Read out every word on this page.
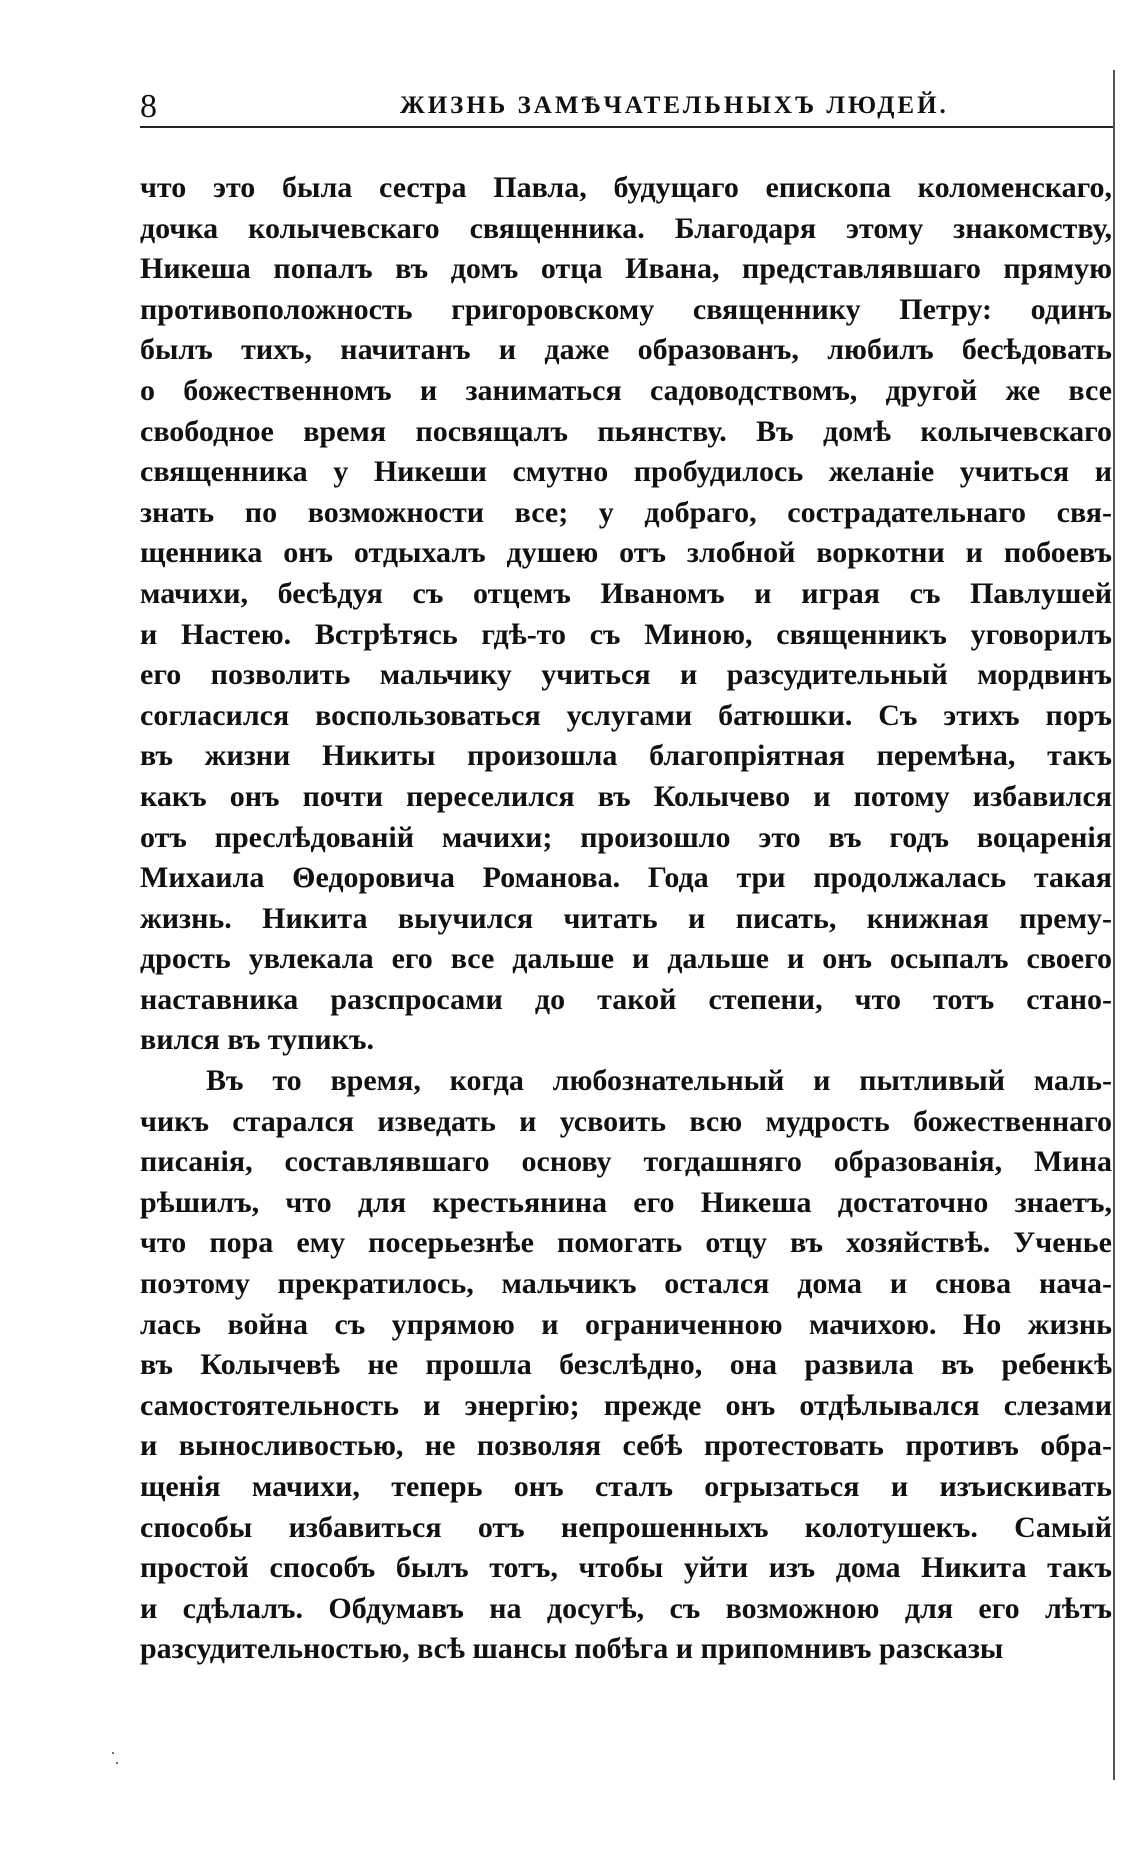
8	ЖИЗНЬ ЗАМѢЧАТЕЛЬНЫХЪ ЛЮДЕЙ.
что это была сестра Павла, будущаго епископа коломенскаго,
дочка колычевскаго священника. Благодаря этому знакомству,
Никеша попалъ въ домъ отца Ивана, представлявшаго прямую
противоположность григоровскому священнику Петру: одинъ
былъ тихъ, начитанъ и даже образованъ, любилъ бесѣдовать
о божественномъ и заниматься садоводствомъ, другой же все
свободное время посвящалъ пьянству. Въ домѣ колычевскаго
священника у Никеши смутно пробудилось желаніе учиться и
знать по возможности все; у добраго, сострадательнаго свя-
щенника онъ отдыхалъ душею отъ злобной воркотни и побоевъ
мачихи, бесѣдуя съ отцемъ Иваномъ и играя съ Павлушей
и Настею. Встрѣтясь гдѣ-то съ Миною, священникъ уговорилъ
его позволить мальчику учиться и разсудительный мордвинъ
согласился воспользоваться услугами батюшки. Съ этихъ поръ
въ жизни Никиты произошла благопріятная перемѣна, такъ
какъ онъ почти переселился въ Колычево и потому избавился
отъ преслѣдованій мачихи; произошло это въ годъ воцаренія
Михаила Θедоровича Романова. Года три продолжалась такая
жизнь. Никита выучился читать и писать, книжная прему-
дрость увлекала его все дальше и дальше и онъ осыпалъ своего
наставника разспросами до такой степени, что тотъ стано-
вился въ тупикъ.
Въ то время, когда любознательный и пытливый маль-
чикъ старался изведать и усвоить всю мудрость божественнаго
писанія, составлявшаго основу тогдашняго образованія, Мина
рѣшилъ, что для крестьянина его Никеша достаточно знаетъ,
что пора ему посерьезнѣе помогать отцу въ хозяйствѣ. Ученье
поэтому прекратилось, мальчикъ остался дома и снова нача-
лась война съ упрямою и ограниченною мачихою. Но жизнь
въ Колычевѣ не прошла безслѣдно, она развила въ ребенкѣ
самостоятельность и энергію; прежде онъ отдѣлывался слезами
и выносливостью, не позволяя себѣ протестовать противъ обра-
щенія мачихи, теперь онъ сталъ огрызаться и изъискивать
способы избавиться отъ непрошенныхъ колотушекъ. Самый
простой способъ былъ тотъ, чтобы уйти изъ дома Никита такъ
и сдѣлалъ. Обдумавъ на досугѣ, съ возможною для его лѣтъ
разсудительностью, всѣ шансы побѣга и припомнивъ разсказы
